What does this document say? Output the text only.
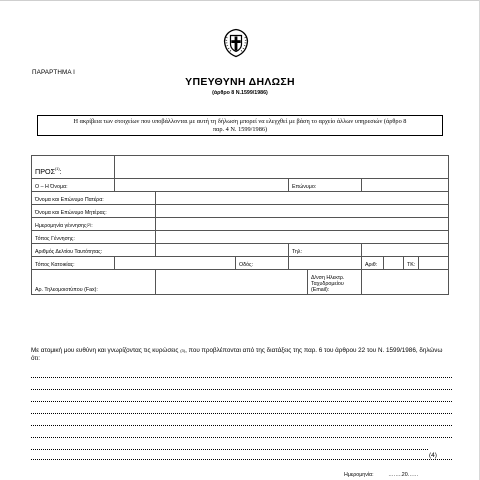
ΠΑΡΑΡΤΗΜΑ Ι
ΥΠΕΥΘΥΝΗ ΔΗΛΩΣΗ
(άρθρο 8 Ν.1599/1986)
Η ακρίβεια των στοιχείων που υποβάλλονται με αυτή τη δήλωση μπορεί να ελεγχθεί με βάση το αρχείο άλλων υπηρεσιών (άρθρο 8
παρ. 4 Ν. 1599/1986)
ΠΡΟΣ$^{(1)}$:									
Ο – Η Όνομα:				Επώνυμο:					
Όνομα και Επώνυμο Πατέρα:									
Όνομα και Επώνυμο Μητέρας:									
Ημερομηνία γέννησης$^{(2)}$:									
Τόπος Γέννησης:									
Αριθμός Δελτίου Ταυτότητας:				Τηλ:					
Τόπος Κατοικίας:			Οδός:			Αριθ:		ΤΚ:	
Αρ. Τηλεομοιοτύπου (Fax):					Δ/νση Ηλεκτρ.
Ταχυδρομείου
(Εmail):				

Με ατομική μου ευθύνη και γνωρίζοντας τις κυρώσεις $^{(3)}$, που προβλέπονται από της διατάξεις της παρ. 6 του άρθρου 22 του Ν. 1599/1986, δηλώνω ότι:
(4)
Ημερομηνία:          ……..20……
